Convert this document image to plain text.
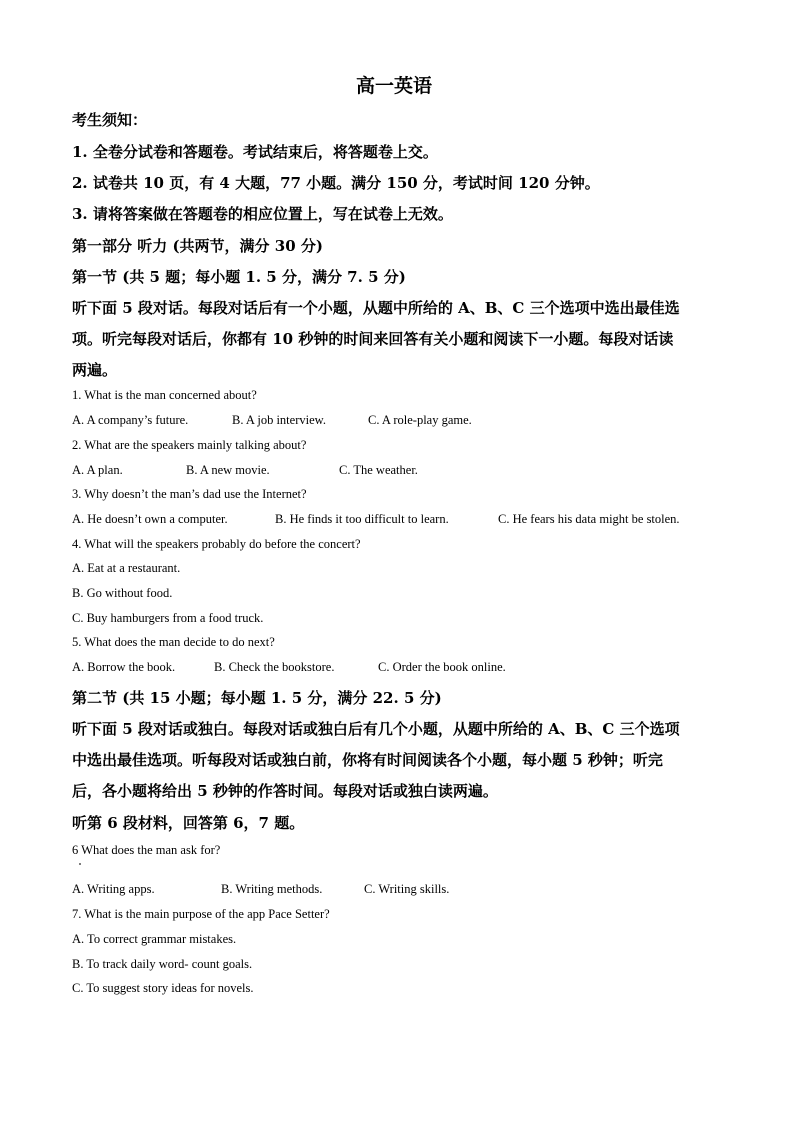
高一英语
考生须知：
1. 全卷分试卷和答题卷。考试结束后，将答题卷上交。
2. 试卷共 10 页，有 4 大题，77 小题。满分 150 分，考试时间 120 分钟。
3. 请将答案做在答题卷的相应位置上，写在试卷上无效。
第一部分 听力 (共两节，满分 30 分)
第一节 (共 5 题；每小题 1. 5 分，满分 7. 5 分)
听下面 5 段对话。每段对话后有一个小题，从题中所给的 A、B、C 三个选项中选出最佳选
项。听完每段对话后，你都有 10 秒钟的时间来回答有关小题和阅读下一小题。每段对话读
两遍。
1. What is the man concerned about?
A. A company’s future.	B. A job interview.	C. A role-play game.
2. What are the speakers mainly talking about?
A. A plan.	B. A new movie.	C. The weather.
3. Why doesn’t the man’s dad use the Internet?
A. He doesn’t own a computer.	B. He finds it too difficult to learn.	C. He fears his data might be stolen.
4. What will the speakers probably do before the concert?
A. Eat at a restaurant.
B. Go without food.
C. Buy hamburgers from a food truck.
5. What does the man decide to do next?
A. Borrow the book.	B. Check the bookstore.	C. Order the book online.
第二节 (共 15 小题；每小题 1. 5 分，满分 22. 5 分)
听下面 5 段对话或独白。每段对话或独白后有几个小题，从题中所给的 A、B、C 三个选项
中选出最佳选项。听每段对话或独白前，你将有时间阅读各个小题，每小题 5 秒钟；听完
后，各小题将给出 5 秒钟的作答时间。每段对话或独白读两遍。
听第 6 段材料，回答第 6，7 题。
6 What does the man ask for?
A. Writing apps.	B. Writing methods.	C. Writing skills.
7. What is the main purpose of the app Pace Setter?
A. To correct grammar mistakes.
B. To track daily word- count goals.
C. To suggest story ideas for novels.
